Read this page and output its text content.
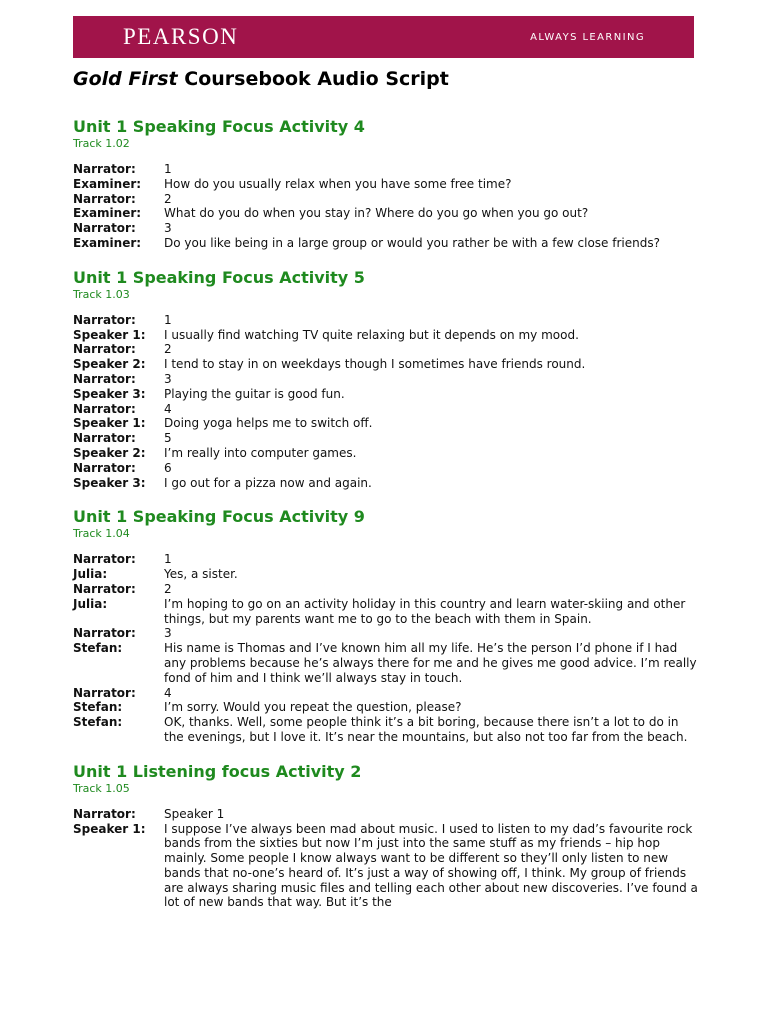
PEARSON	ALWAYS LEARNING
Gold First Coursebook Audio Script
Unit 1 Speaking Focus Activity 4
Track 1.02
Narrator:	1
Examiner:	How do you usually relax when you have some free time?
Narrator:	2
Examiner:	What do you do when you stay in? Where do you go when you go out?
Narrator:	3
Examiner:	Do you like being in a large group or would you rather be with a few close friends?
Unit 1 Speaking Focus Activity 5
Track 1.03
Narrator:	1
Speaker 1:	I usually find watching TV quite relaxing but it depends on my mood.
Narrator:	2
Speaker 2:	I tend to stay in on weekdays though I sometimes have friends round.
Narrator:	3
Speaker 3:	Playing the guitar is good fun.
Narrator:	4
Speaker 1:	Doing yoga helps me to switch off.
Narrator:	5
Speaker 2:	I’m really into computer games.
Narrator:	6
Speaker 3:	I go out for a pizza now and again.
Unit 1 Speaking Focus Activity 9
Track 1.04
Narrator:	1
Julia:	Yes, a sister.
Narrator:	2
Julia:	I’m hoping to go on an activity holiday in this country and learn water-skiing and other things, but my parents want me to go to the beach with them in Spain.
Narrator:	3
Stefan:	His name is Thomas and I’ve known him all my life. He’s the person I’d phone if I had any problems because he’s always there for me and he gives me good advice. I’m really fond of him and I think we’ll always stay in touch.
Narrator:	4
Stefan:	I’m sorry. Would you repeat the question, please?
Stefan:	OK, thanks. Well, some people think it’s a bit boring, because there isn’t a lot to do in the evenings, but I love it. It’s near the mountains, but also not too far from the beach.
Unit 1 Listening focus Activity 2
Track 1.05
Narrator:	Speaker 1
Speaker 1:	I suppose I’ve always been mad about music. I used to listen to my dad’s favourite rock bands from the sixties but now I’m just into the same stuff as my friends – hip hop mainly. Some people I know always want to be different so they’ll only listen to new bands that no-one’s heard of. It’s just a way of showing off, I think. My group of friends are always sharing music files and telling each other about new discoveries. I’ve found a lot of new bands that way. But it’s the
